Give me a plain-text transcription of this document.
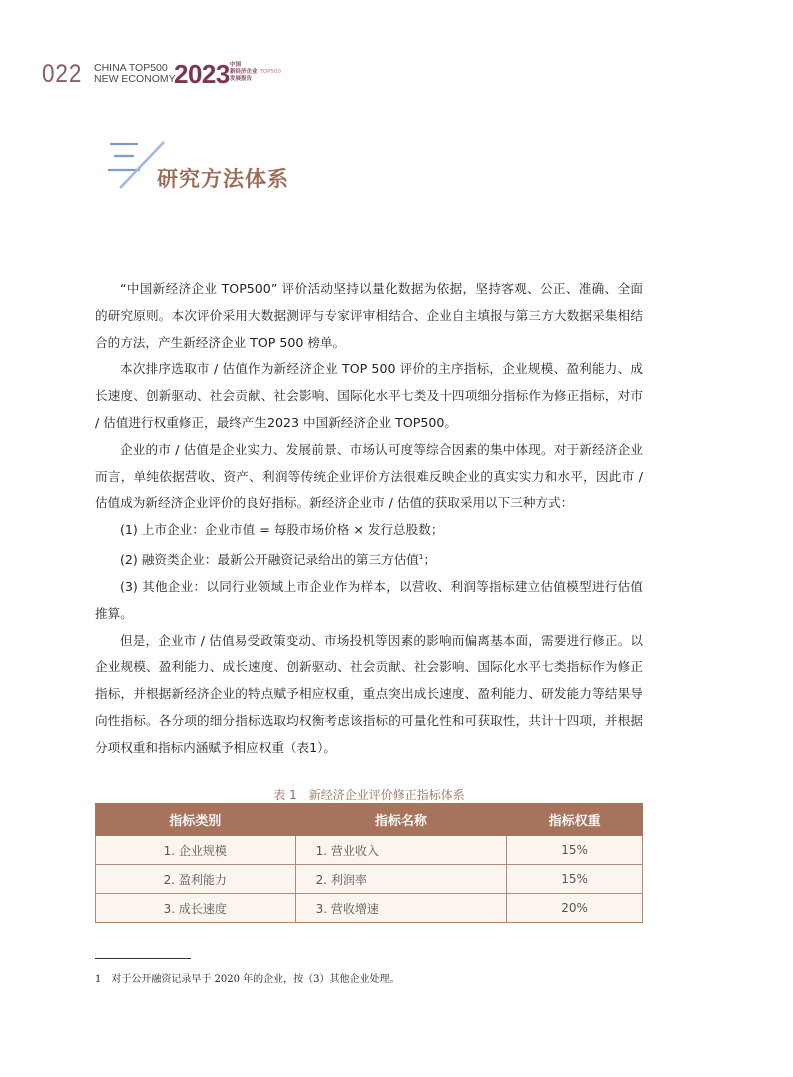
022 CHINA TOP500
NEW ECONOMY
2023 中国
新经济企业 TOP500
发展报告
三
研究方法体系

“中国新经济企业 TOP500” 评价活动坚持以量化数据为依据，坚持客观、公正、准确、全面的研究原则。本次评价采用大数据测评与专家评审相结合、企业自主填报与第三方大数据采集相结合的方法，产生新经济企业 TOP 500 榜单。

本次排序选取市 / 估值作为新经济企业 TOP 500 评价的主序指标，企业规模、盈利能力、成长速度、创新驱动、社会贡献、社会影响、国际化水平七类及十四项细分指标作为修正指标，对市 / 估值进行权重修正，最终产生2023 中国新经济企业 TOP500。

企业的市 / 估值是企业实力、发展前景、市场认可度等综合因素的集中体现。对于新经济企业而言，单纯依据营收、资产、利润等传统企业评价方法很难反映企业的真实实力和水平，因此市 / 估值成为新经济企业评价的良好指标。新经济企业市 / 估值的获取采用以下三种方式：

(1) 上市企业：企业市值 = 每股市场价格 × 发行总股数；

(2) 融资类企业：最新公开融资记录给出的第三方估值$^1$；

(3) 其他企业：以同行业领域上市企业作为样本，以营收、利润等指标建立估值模型进行估值推算。

但是，企业市 / 估值易受政策变动、市场投机等因素的影响而偏离基本面，需要进行修正。以企业规模、盈利能力、成长速度、创新驱动、社会贡献、社会影响、国际化水平七类指标作为修正指标，并根据新经济企业的特点赋予相应权重，重点突出成长速度、盈利能力、研发能力等结果导向性指标。各分项的细分指标选取均权衡考虑该指标的可量化性和可获取性，共计十四项，并根据分项权重和指标内涵赋予相应权重（表1）。

表 1　新经济企业评价修正指标体系
指标类别	指标名称	指标权重
1. 企业规模	1. 营业收入	15%
2. 盈利能力	2. 利润率	15%
3. 成长速度	3. 营收增速	20%
1 对于公开融资记录早于 2020 年的企业，按（3）其他企业处理。
